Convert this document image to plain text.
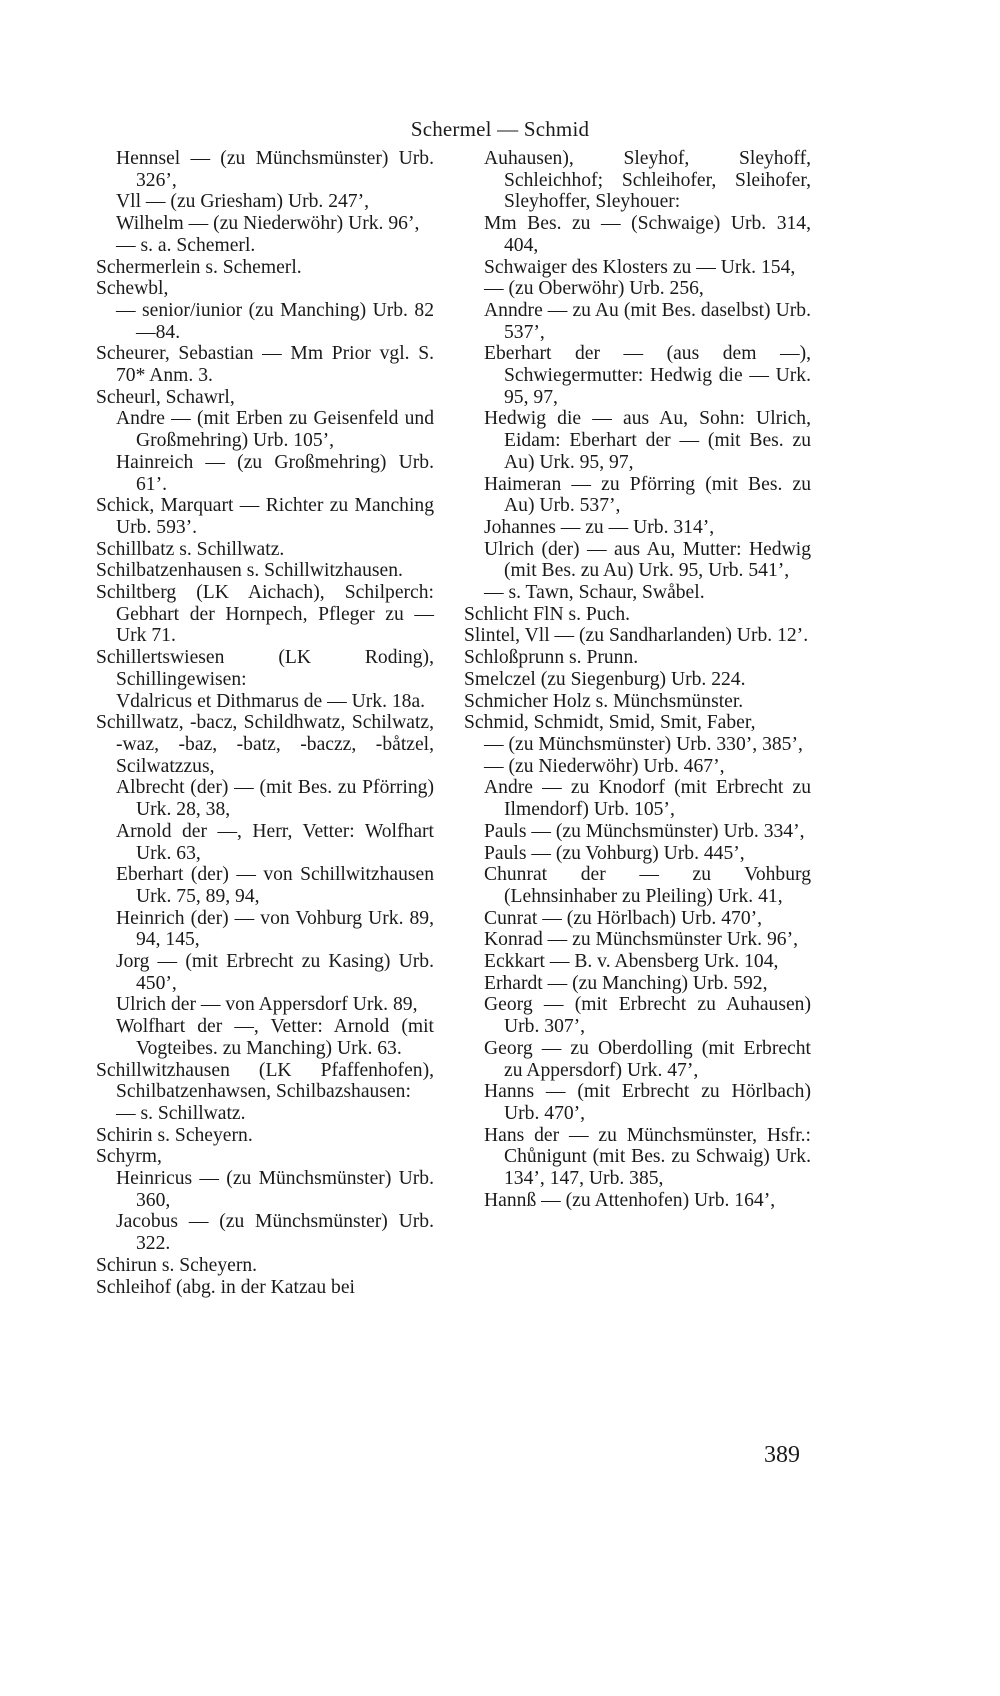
Schermel — Schmid
Hennsel — (zu Münchsmünster) Urb. 326’,
Vll — (zu Griesham) Urb. 247’,
Wilhelm — (zu Niederwöhr) Urk. 96’,
— s. a. Schemerl.
Schermerlein s. Schemerl.
Schewbl,
— senior/iunior (zu Manching) Urb. 82—84.
Scheurer, Sebastian — Mm Prior vgl. S. 70* Anm. 3.
Scheurl, Schawrl,
Andre — (mit Erben zu Geisenfeld und Großmehring) Urb. 105’,
Hainreich — (zu Großmehring) Urb. 61’.
Schick, Marquart — Richter zu Manching Urb. 593’.
Schillbatz s. Schillwatz.
Schilbatzenhausen s. Schillwitzhausen.
Schiltberg (LK Aichach), Schilperch: Gebhart der Hornpech, Pfleger zu — Urk 71.
Schillertswiesen (LK Roding), Schillingewisen:
Vdalricus et Dithmarus de — Urk. 18a.
Schillwatz, -bacz, Schildhwatz, Schilwatz, -waz, -baz, -batz, -baczz, -båtzel, Scilwatzzus,
Albrecht (der) — (mit Bes. zu Pförring) Urk. 28, 38,
Arnold der —, Herr, Vetter: Wolfhart Urk. 63,
Eberhart (der) — von Schillwitzhausen Urk. 75, 89, 94,
Heinrich (der) — von Vohburg Urk. 89, 94, 145,
Jorg — (mit Erbrecht zu Kasing) Urb. 450’,
Ulrich der — von Appersdorf Urk. 89,
Wolfhart der —, Vetter: Arnold (mit Vogteibes. zu Manching) Urk. 63.
Schillwitzhausen (LK Pfaffenhofen), Schilbatzenhawsen, Schilbazshausen:
— s. Schillwatz.
Schirin s. Scheyern.
Schyrm,
Heinricus — (zu Münchsmünster) Urb. 360,
Jacobus — (zu Münchsmünster) Urb. 322.
Schirun s. Scheyern.
Schleihof (abg. in der Katzau bei
Auhausen), Sleyhof, Sleyhoff, Schleichhof; Schleihofer, Sleihofer, Sleyhoffer, Sleyhouer:
Mm Bes. zu — (Schwaige) Urb. 314, 404,
Schwaiger des Klosters zu — Urk. 154,
— (zu Oberwöhr) Urb. 256,
Anndre — zu Au (mit Bes. daselbst) Urb. 537’,
Eberhart der — (aus dem —), Schwiegermutter: Hedwig die — Urk. 95, 97,
Hedwig die — aus Au, Sohn: Ulrich, Eidam: Eberhart der — (mit Bes. zu Au) Urk. 95, 97,
Haimeran — zu Pförring (mit Bes. zu Au) Urb. 537’,
Johannes — zu — Urb. 314’,
Ulrich (der) — aus Au, Mutter: Hedwig (mit Bes. zu Au) Urk. 95, Urb. 541’,
— s. Tawn, Schaur, Swåbel.
Schlicht FlN s. Puch.
Slintel, Vll — (zu Sandharlanden) Urb. 12’.
Schloßprunn s. Prunn.
Smelczel (zu Siegenburg) Urb. 224.
Schmicher Holz s. Münchsmünster.
Schmid, Schmidt, Smid, Smit, Faber,
— (zu Münchsmünster) Urb. 330’, 385’,
— (zu Niederwöhr) Urb. 467’,
Andre — zu Knodorf (mit Erbrecht zu Ilmendorf) Urb. 105’,
Pauls — (zu Münchsmünster) Urb. 334’,
Pauls — (zu Vohburg) Urb. 445’,
Chunrat der — zu Vohburg (Lehnsinhaber zu Pleiling) Urk. 41,
Cunrat — (zu Hörlbach) Urb. 470’,
Konrad — zu Münchsmünster Urk. 96’,
Eckkart — B. v. Abensberg Urk. 104,
Erhardt — (zu Manching) Urb. 592,
Georg — (mit Erbrecht zu Auhausen) Urb. 307’,
Georg — zu Oberdolling (mit Erbrecht zu Appersdorf) Urk. 47’,
Hanns — (mit Erbrecht zu Hörlbach) Urb. 470’,
Hans der — zu Münchsmünster, Hsfr.: Chůnigunt (mit Bes. zu Schwaig) Urk. 134’, 147, Urb. 385,
Hannß — (zu Attenhofen) Urb. 164’,
389
